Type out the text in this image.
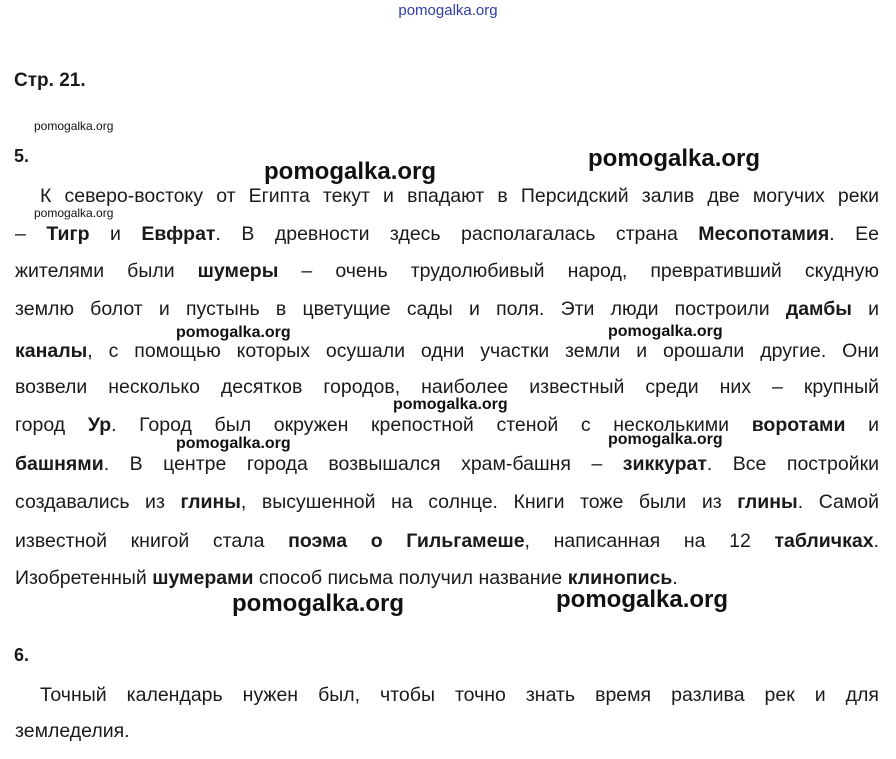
pomogalka.org
Стр. 21.
pomogalka.org
5.
pomogalka.org	pomogalka.org
pomogalka.org
К северо-востоку от Египта текут и впадают в Персидский залив две могучих реки
– Тигр и Евфрат. В древности здесь располагалась страна Месопотамия. Ее
жителями были шумеры – очень трудолюбивый народ, превративший скудную
землю болот и пустынь в цветущие сады и поля. Эти люди построили дамбы и
pomogalka.org	pomogalka.org
каналы, с помощью которых осушали одни участки земли и орошали другие. Они
возвели несколько десятков городов, наиболее известный среди них – крупный
pomogalka.org
город Ур. Город был окружен крепостной стеной с несколькими воротами и
pomogalka.org	pomogalka.org
башнями. В центре города возвышался храм-башня – зиккурат. Все постройки
создавались из глины, высушенной на солнце. Книги тоже были из глины. Самой
известной книгой стала поэма о Гильгамеше, написанная на 12 табличках.
Изобретенный шумерами способ письма получил название клинопись.
pomogalka.org	pomogalka.org
6.
Точный календарь нужен был, чтобы точно знать время разлива рек и для
земледелия.
